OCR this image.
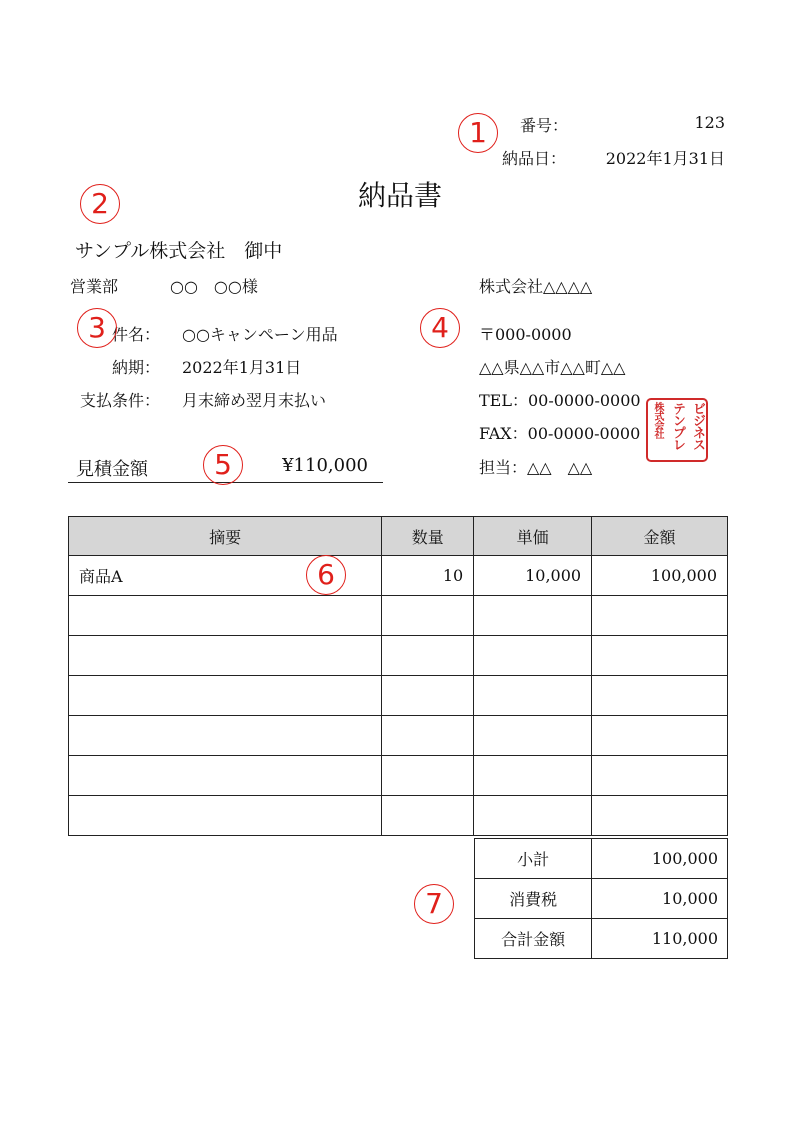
番号：	123
納品日：	2022年1月31日
納品書
サンプル株式会社　御中
営業部	○○　○○様
件名： ○○キャンペーン用品
納期： 2022年1月31日
支払条件： 月末締め翌月末払い
見積金額	¥110,000
株式会社△△△△
〒000-0000
△△県△△市△△町△△
TEL：00-0000-0000
FAX：00-0000-0000
担当：△△　△△
ビジネス
テンプレ
株式会社
摘要	数量	単価	金額
商品A	10	10,000	100,000

小計	100,000
消費税	10,000
合計金額	110,000
1
2
3	4
5
6
7
